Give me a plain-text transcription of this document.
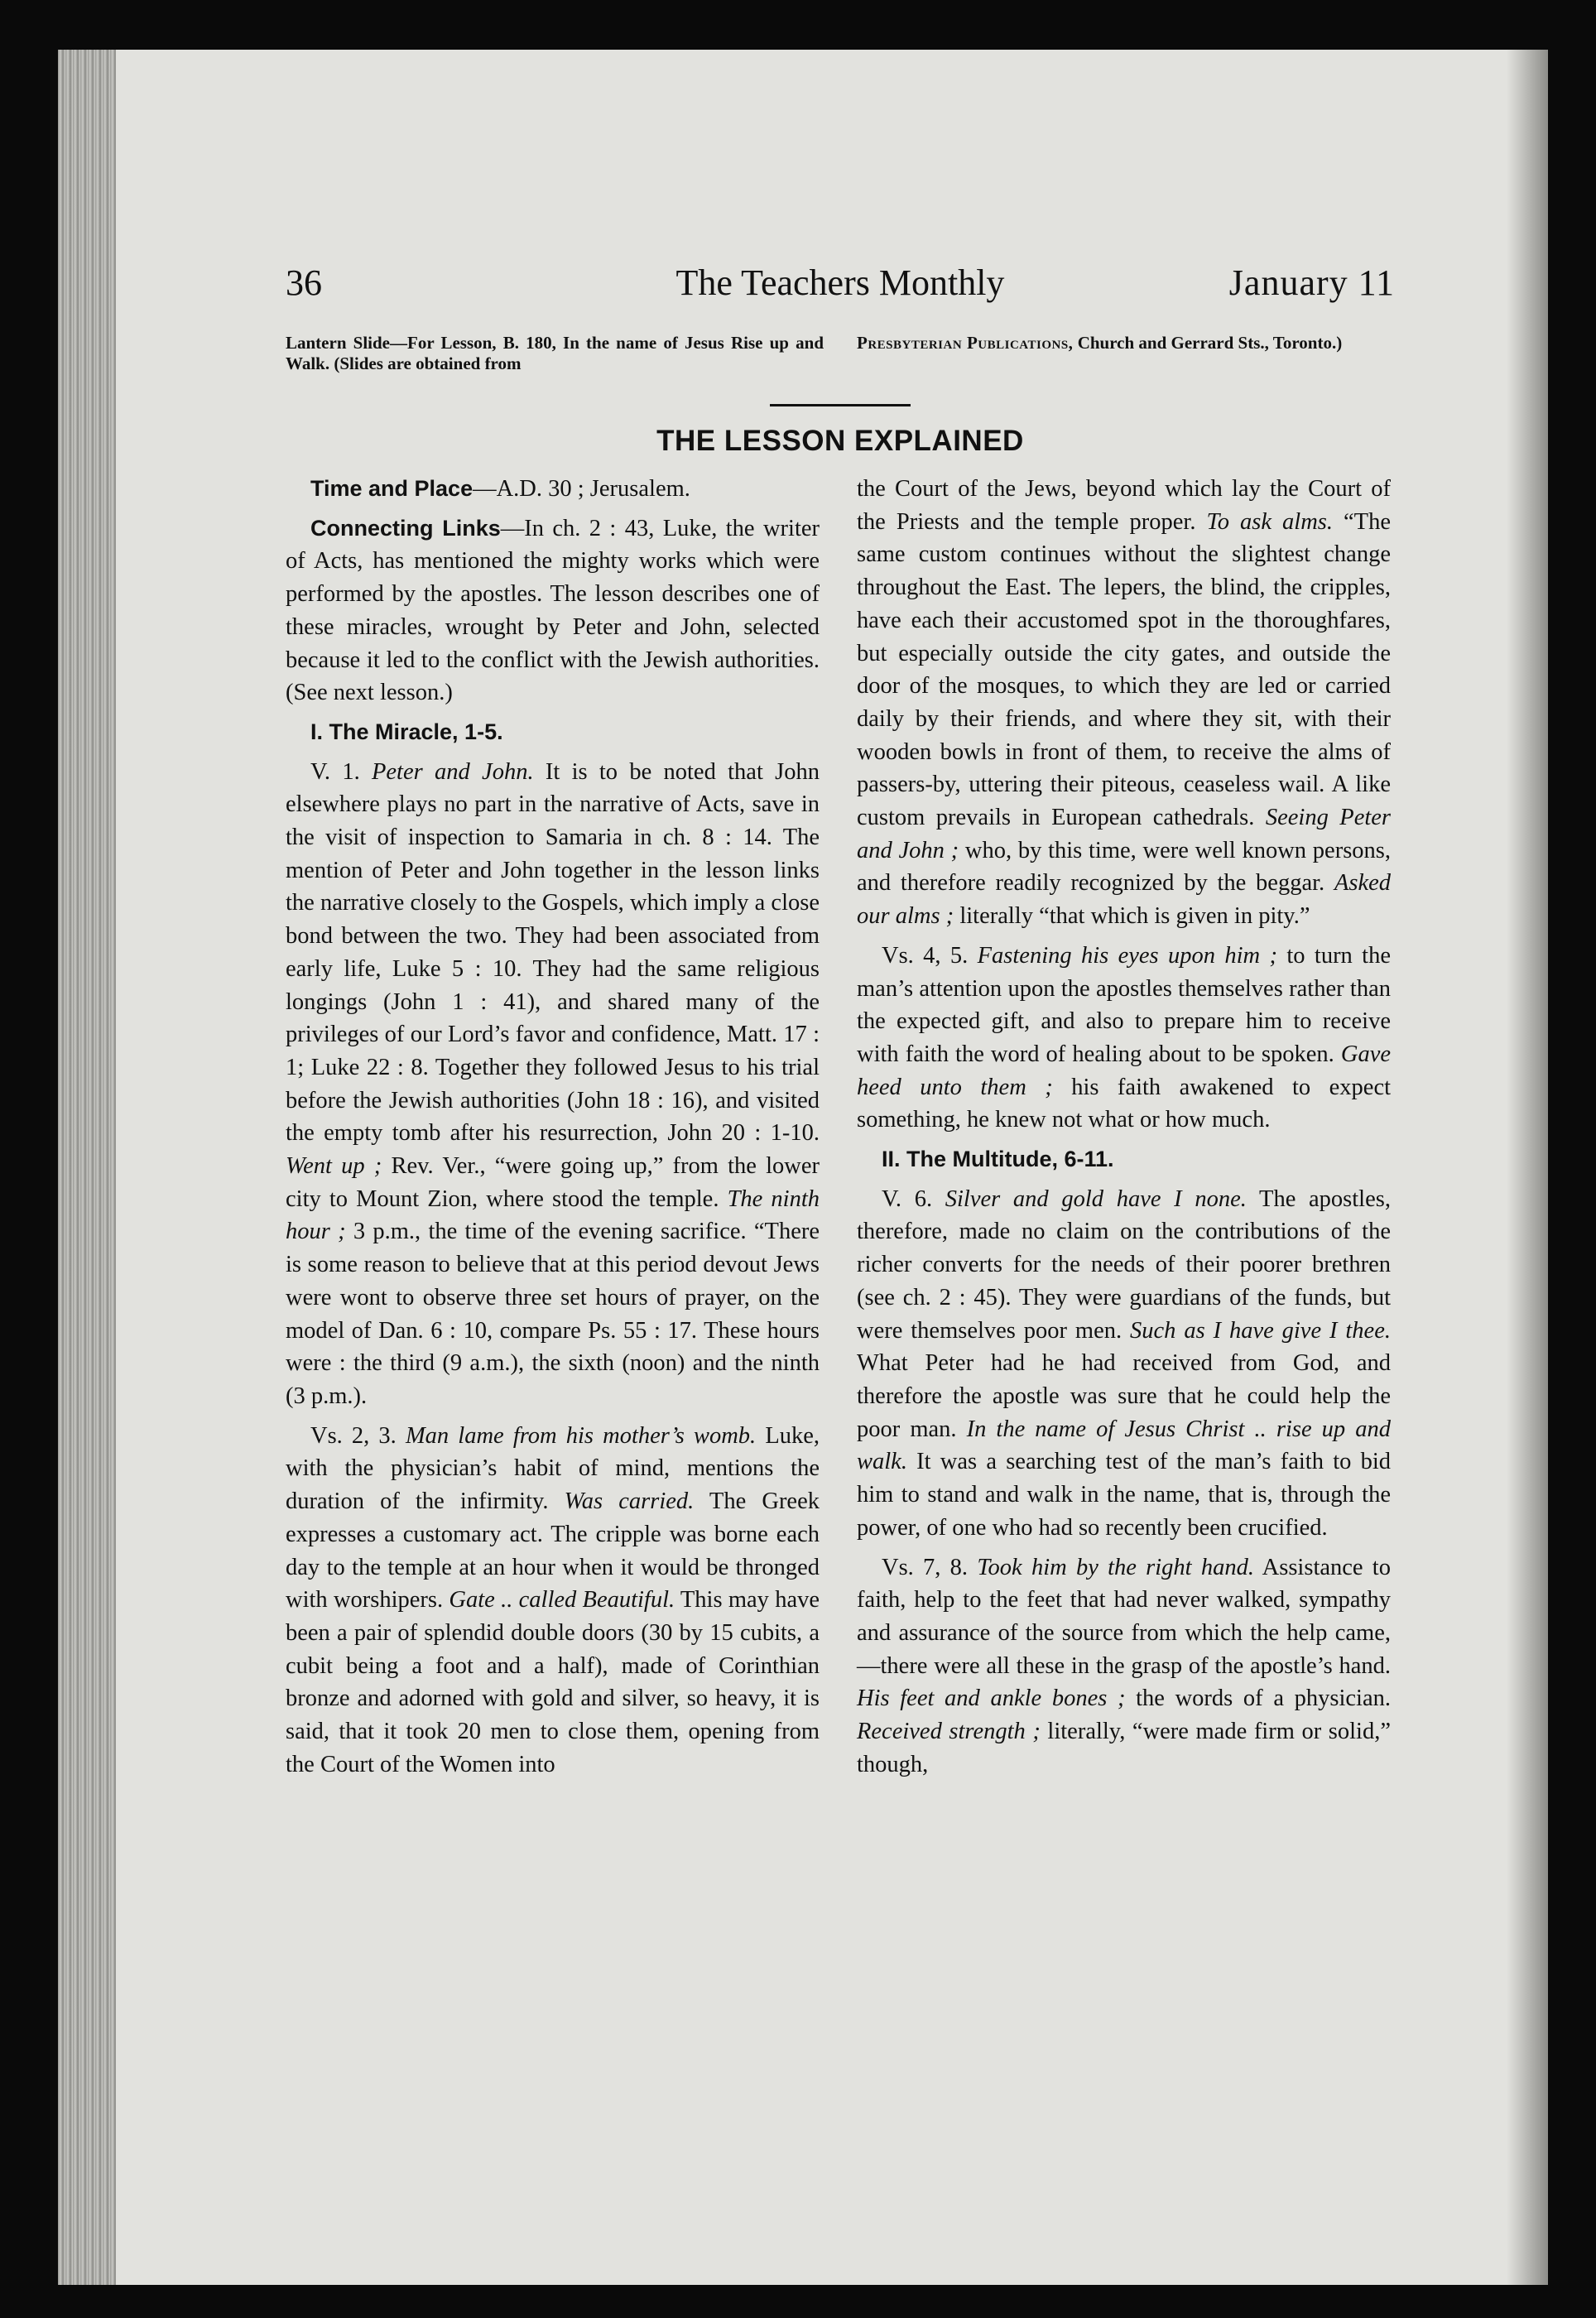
36	The Teachers Monthly	January 11
Lantern Slide—For Lesson, B. 180, In the name of Jesus Rise up and Walk. (Slides are obtained from
Presbyterian Publications, Church and Gerrard Sts., Toronto.)
THE LESSON EXPLAINED

Time and Place—A.D. 30 ; Jerusalem.

Connecting Links—In ch. 2 : 43, Luke, the writer of Acts, has mentioned the mighty works which were performed by the apostles. The lesson describes one of these miracles, wrought by Peter and John, selected because it led to the conflict with the Jewish authorities. (See next lesson.)

I. The Miracle, 1-5.

V. 1. Peter and John. It is to be noted that John elsewhere plays no part in the narrative of Acts, save in the visit of inspection to Samaria in ch. 8 : 14. The mention of Peter and John together in the lesson links the narrative closely to the Gospels, which imply a close bond between the two. They had been associated from early life, Luke 5 : 10. They had the same religious longings (John 1 : 41), and shared many of the privileges of our Lord’s favor and confidence, Matt. 17 : 1; Luke 22 : 8. Together they followed Jesus to his trial before the Jewish authorities (John 18 : 16), and visited the empty tomb after his resurrection, John 20 : 1-10. Went up ; Rev. Ver., “were going up,” from the lower city to Mount Zion, where stood the temple. The ninth hour ; 3 p.m., the time of the evening sacrifice. “There is some reason to believe that at this period devout Jews were wont to observe three set hours of prayer, on the model of Dan. 6 : 10, compare Ps. 55 : 17. These hours were : the third (9 a.m.), the sixth (noon) and the ninth (3 p.m.).

Vs. 2, 3. Man lame from his mother’s womb. Luke, with the physician’s habit of mind, mentions the duration of the infirmity. Was carried. The Greek expresses a customary act. The cripple was borne each day to the temple at an hour when it would be thronged with worshipers. Gate .. called Beautiful. This may have been a pair of splendid double doors (30 by 15 cubits, a cubit being a foot and a half), made of Corinthian bronze and adorned with gold and silver, so heavy, it is said, that it took 20 men to close them, opening from the Court of the Women into

the Court of the Jews, beyond which lay the Court of the Priests and the temple proper. To ask alms. “The same custom continues without the slightest change throughout the East. The lepers, the blind, the cripples, have each their accustomed spot in the thoroughfares, but especially outside the city gates, and outside the door of the mosques, to which they are led or carried daily by their friends, and where they sit, with their wooden bowls in front of them, to receive the alms of passers-by, uttering their piteous, ceaseless wail. A like custom prevails in European cathedrals. Seeing Peter and John ; who, by this time, were well known persons, and therefore readily recognized by the beggar. Asked our alms ; literally “that which is given in pity.”

Vs. 4, 5. Fastening his eyes upon him ; to turn the man’s attention upon the apostles themselves rather than the expected gift, and also to prepare him to receive with faith the word of healing about to be spoken. Gave heed unto them ; his faith awakened to expect something, he knew not what or how much.

II. The Multitude, 6-11.

V. 6. Silver and gold have I none. The apostles, therefore, made no claim on the contributions of the richer converts for the needs of their poorer brethren (see ch. 2 : 45). They were guardians of the funds, but were themselves poor men. Such as I have give I thee. What Peter had he had received from God, and therefore the apostle was sure that he could help the poor man. In the name of Jesus Christ .. rise up and walk. It was a searching test of the man’s faith to bid him to stand and walk in the name, that is, through the power, of one who had so recently been crucified.

Vs. 7, 8. Took him by the right hand. Assistance to faith, help to the feet that had never walked, sympathy and assurance of the source from which the help came,—there were all these in the grasp of the apostle’s hand. His feet and ankle bones ; the words of a physician. Received strength ; literally, “were made firm or solid,” though,
